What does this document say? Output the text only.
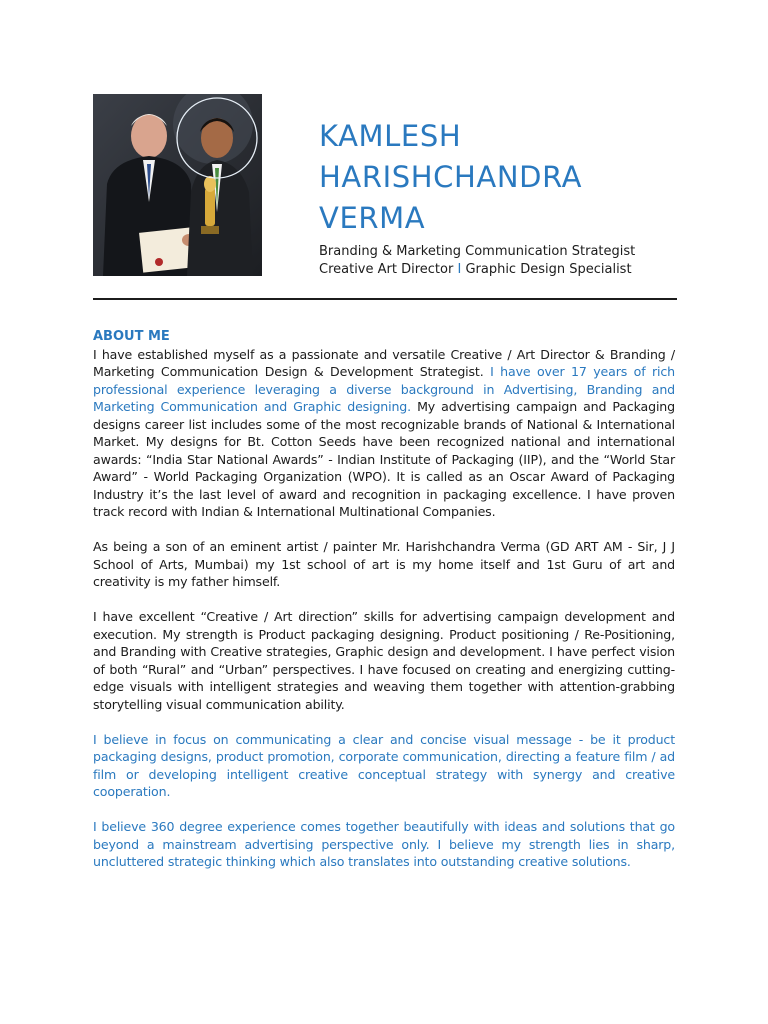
KAMLESH
HARISHCHANDRA
VERMA
Branding & Marketing Communication Strategist
Creative Art Director I Graphic Design Specialist
ABOUT ME

I have established myself as a passionate and versatile Creative / Art Director & Branding / Marketing Communication Design & Development Strategist. I have over 17 years of rich professional experience leveraging a diverse background in Advertising, Branding and Marketing Communication and Graphic designing. My advertising campaign and Packaging designs career list includes some of the most recognizable brands of National & International Market. My designs for Bt. Cotton Seeds have been recognized national and international awards: “India Star National Awards” - Indian Institute of Packaging (IIP), and the “World Star Award” - World Packaging Organization (WPO). It is called as an Oscar Award of Packaging Industry it’s the last level of award and recognition in packaging excellence. I have proven track record with Indian & International Multinational Companies.

As being a son of an eminent artist / painter Mr. Harishchandra Verma (GD ART AM - Sir, J J School of Arts, Mumbai) my 1st school of art is my home itself and 1st Guru of art and creativity is my father himself.

I have excellent “Creative / Art direction” skills for advertising campaign development and execution. My strength is Product packaging designing. Product positioning / Re-Positioning, and Branding with Creative strategies, Graphic design and development. I have perfect vision of both “Rural” and “Urban” perspectives. I have focused on creating and energizing cutting-edge visuals with intelligent strategies and weaving them together with attention-grabbing storytelling visual communication ability.

I believe in focus on communicating a clear and concise visual message - be it product packaging designs, product promotion, corporate communication, directing a feature film / ad film or developing intelligent creative conceptual strategy with synergy and creative cooperation.

I believe 360 degree experience comes together beautifully with ideas and solutions that go beyond a mainstream advertising perspective only. I believe my strength lies in sharp, uncluttered strategic thinking which also translates into outstanding creative solutions.
